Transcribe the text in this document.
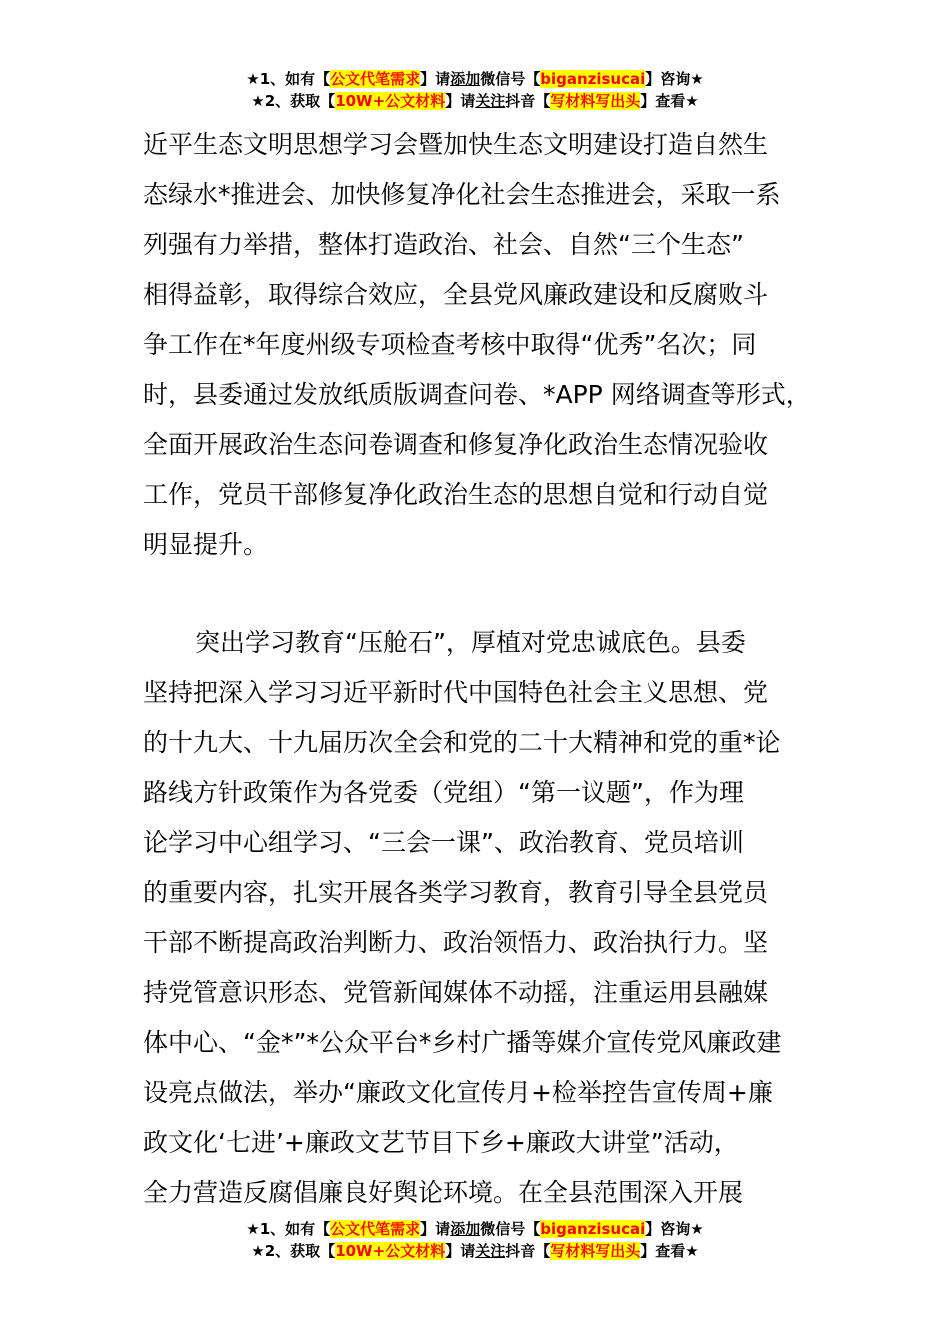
★1、如有【公文代笔需求】请添加微信号【biganzisucai】咨询★
★2、获取【10W+公文材料】请关注抖音【写材料写出头】查看★
近平生态文明思想学习会暨加快生态文明建设打造自然生
态绿水*推进会、加快修复净化社会生态推进会，采取一系
列强有力举措，整体打造政治、社会、自然“三个生态”
相得益彰，取得综合效应，全县党风廉政建设和反腐败斗
争工作在*年度州级专项检查考核中取得“优秀”名次；同
时，县委通过发放纸质版调查问卷、*APP 网络调查等形式，
全面开展政治生态问卷调查和修复净化政治生态情况验收
工作，党员干部修复净化政治生态的思想自觉和行动自觉
明显提升。
突出学习教育“压舱石”，厚植对党忠诚底色。县委
坚持把深入学习习近平新时代中国特色社会主义思想、党
的十九大、十九届历次全会和党的二十大精神和党的重*论
路线方针政策作为各党委（党组）“第一议题”，作为理
论学习中心组学习、“三会一课”、政治教育、党员培训
的重要内容，扎实开展各类学习教育，教育引导全县党员
干部不断提高政治判断力、政治领悟力、政治执行力。坚
持党管意识形态、党管新闻媒体不动摇，注重运用县融媒
体中心、“金*”*公众平台*乡村广播等媒介宣传党风廉政建
设亮点做法，举办“廉政文化宣传月+检举控告宣传周+廉
政文化‘七进’+廉政文艺节目下乡+廉政大讲堂”活动，
全力营造反腐倡廉良好舆论环境。在全县范围深入开展
★1、如有【公文代笔需求】请添加微信号【biganzisucai】咨询★
★2、获取【10W+公文材料】请关注抖音【写材料写出头】查看★
